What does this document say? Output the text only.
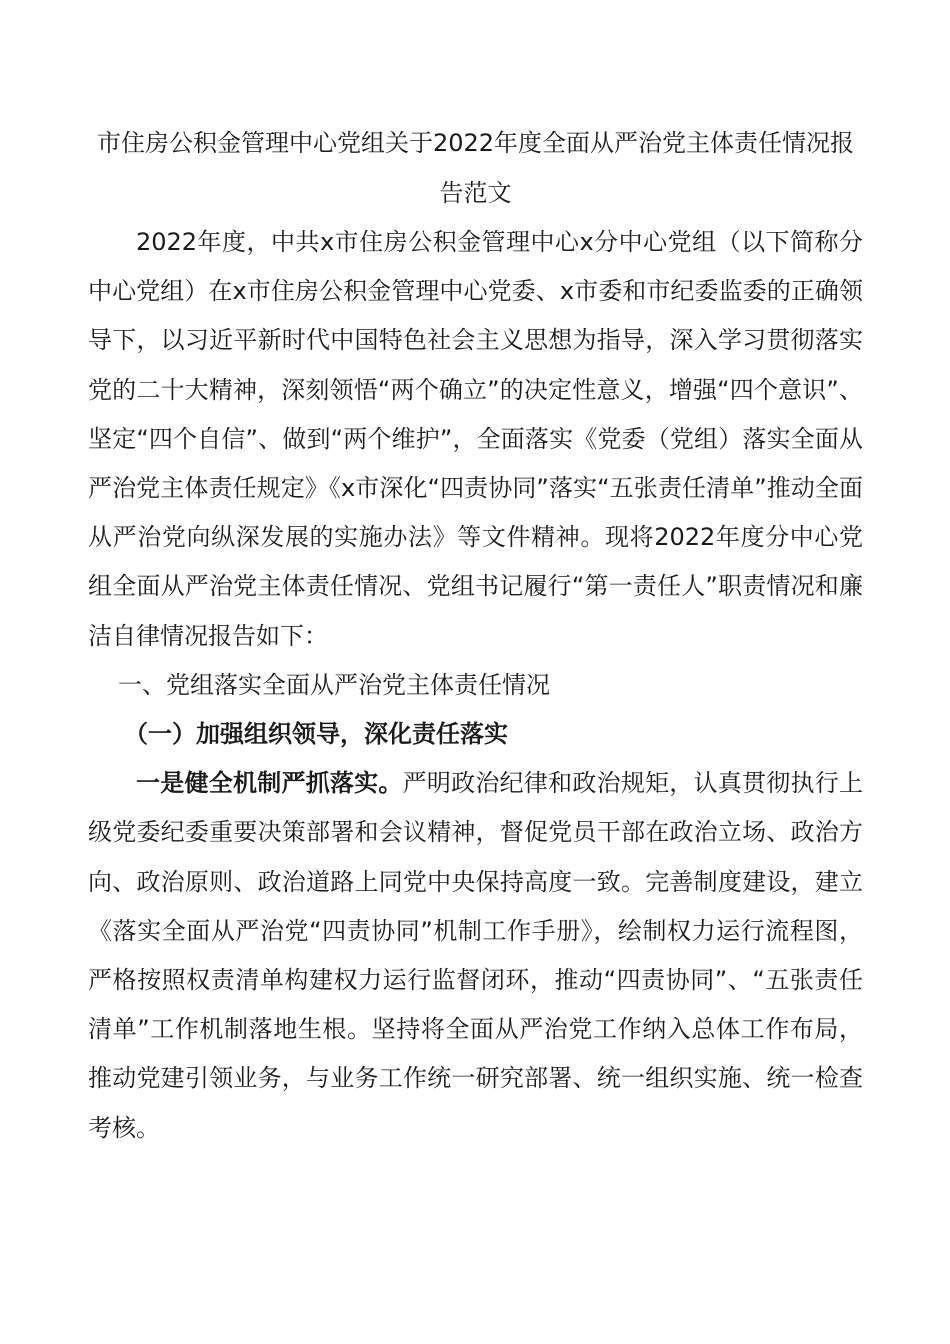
市住房公积金管理中心党组关于2022年度全面从严治党主体责任情况报告范文

2022年度，中共x市住房公积金管理中心x分中心党组（以下简称分中心党组）在x市住房公积金管理中心党委、x市委和市纪委监委的正确领导下，以习近平新时代中国特色社会主义思想为指导，深入学习贯彻落实党的二十大精神，深刻领悟“两个确立”的决定性意义，增强“四个意识”、坚定“四个自信”、做到“两个维护”，全面落实《党委（党组）落实全面从严治党主体责任规定》《x市深化“四责协同”落实“五张责任清单”推动全面从严治党向纵深发展的实施办法》等文件精神。现将2022年度分中心党组全面从严治党主体责任情况、党组书记履行“第一责任人”职责情况和廉洁自律情况报告如下：

一、党组落实全面从严治党主体责任情况

（一）加强组织领导，深化责任落实

一是健全机制严抓落实。严明政治纪律和政治规矩，认真贯彻执行上级党委纪委重要决策部署和会议精神，督促党员干部在政治立场、政治方向、政治原则、政治道路上同党中央保持高度一致。完善制度建设，建立《落实全面从严治党“四责协同”机制工作手册》，绘制权力运行流程图，严格按照权责清单构建权力运行监督闭环，推动“四责协同”、“五张责任清单”工作机制落地生根。坚持将全面从严治党工作纳入总体工作布局，推动党建引领业务，与业务工作统一研究部署、统一组织实施、统一检查考核。
